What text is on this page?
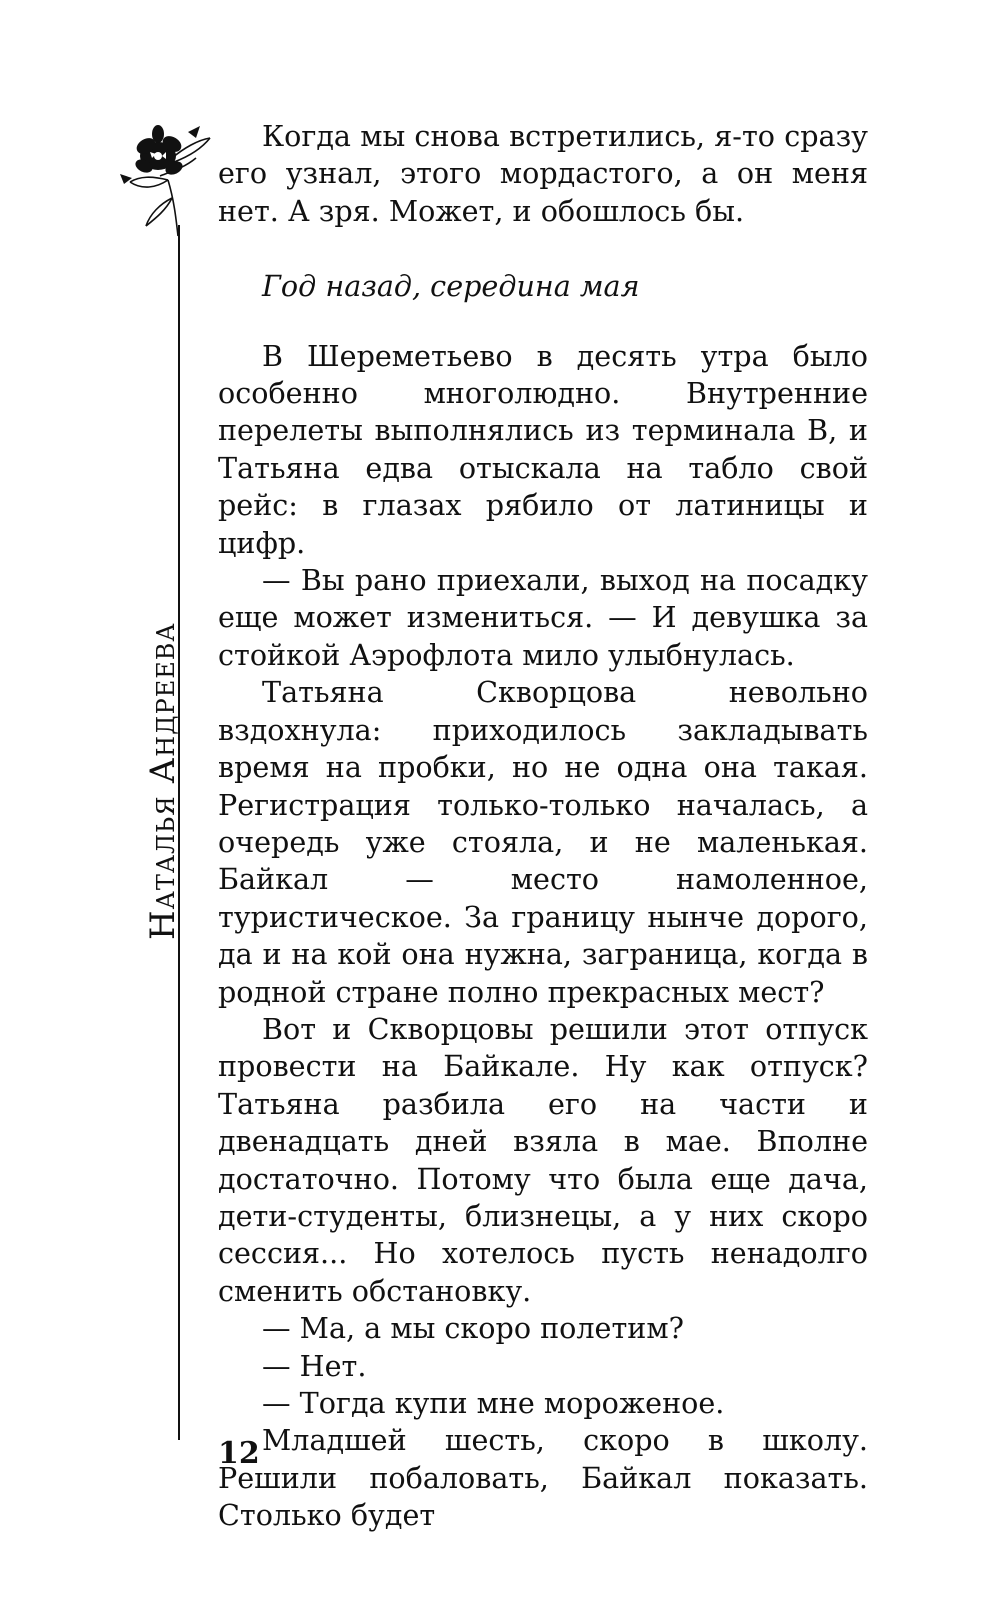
Наталья Андреева

Когда мы снова встретились, я-то сразу его узнал, этого мордастого, а он меня нет. А зря. Может, и обошлось бы.

Год назад, середина мая

В Шереметьево в десять утра было особенно многолюдно. Внутренние перелеты выполнялись из терминала В, и Татьяна едва отыскала на табло свой рейс: в глазах рябило от латиницы и цифр.

— Вы рано приехали, выход на посадку еще может измениться. — И девушка за стойкой Аэрофлота мило улыбнулась.

Татьяна Скворцова невольно вздохнула: приходилось закладывать время на пробки, но не одна она такая. Регистрация только-только началась, а очередь уже стояла, и не маленькая. Байкал — место намоленное, туристическое. За границу нынче дорого, да и на кой она нужна, заграница, когда в родной стране полно прекрасных мест?

Вот и Скворцовы решили этот отпуск провести на Байкале. Ну как отпуск? Татьяна разбила его на части и двенадцать дней взяла в мае. Вполне достаточно. Потому что была еще дача, дети-студенты, близнецы, а у них скоро сессия... Но хотелось пусть ненадолго сменить обстановку.

— Ма, а мы скоро полетим?

— Нет.

— Тогда купи мне мороженое.

Младшей шесть, скоро в школу. Решили побаловать, Байкал показать. Столько будет

12
